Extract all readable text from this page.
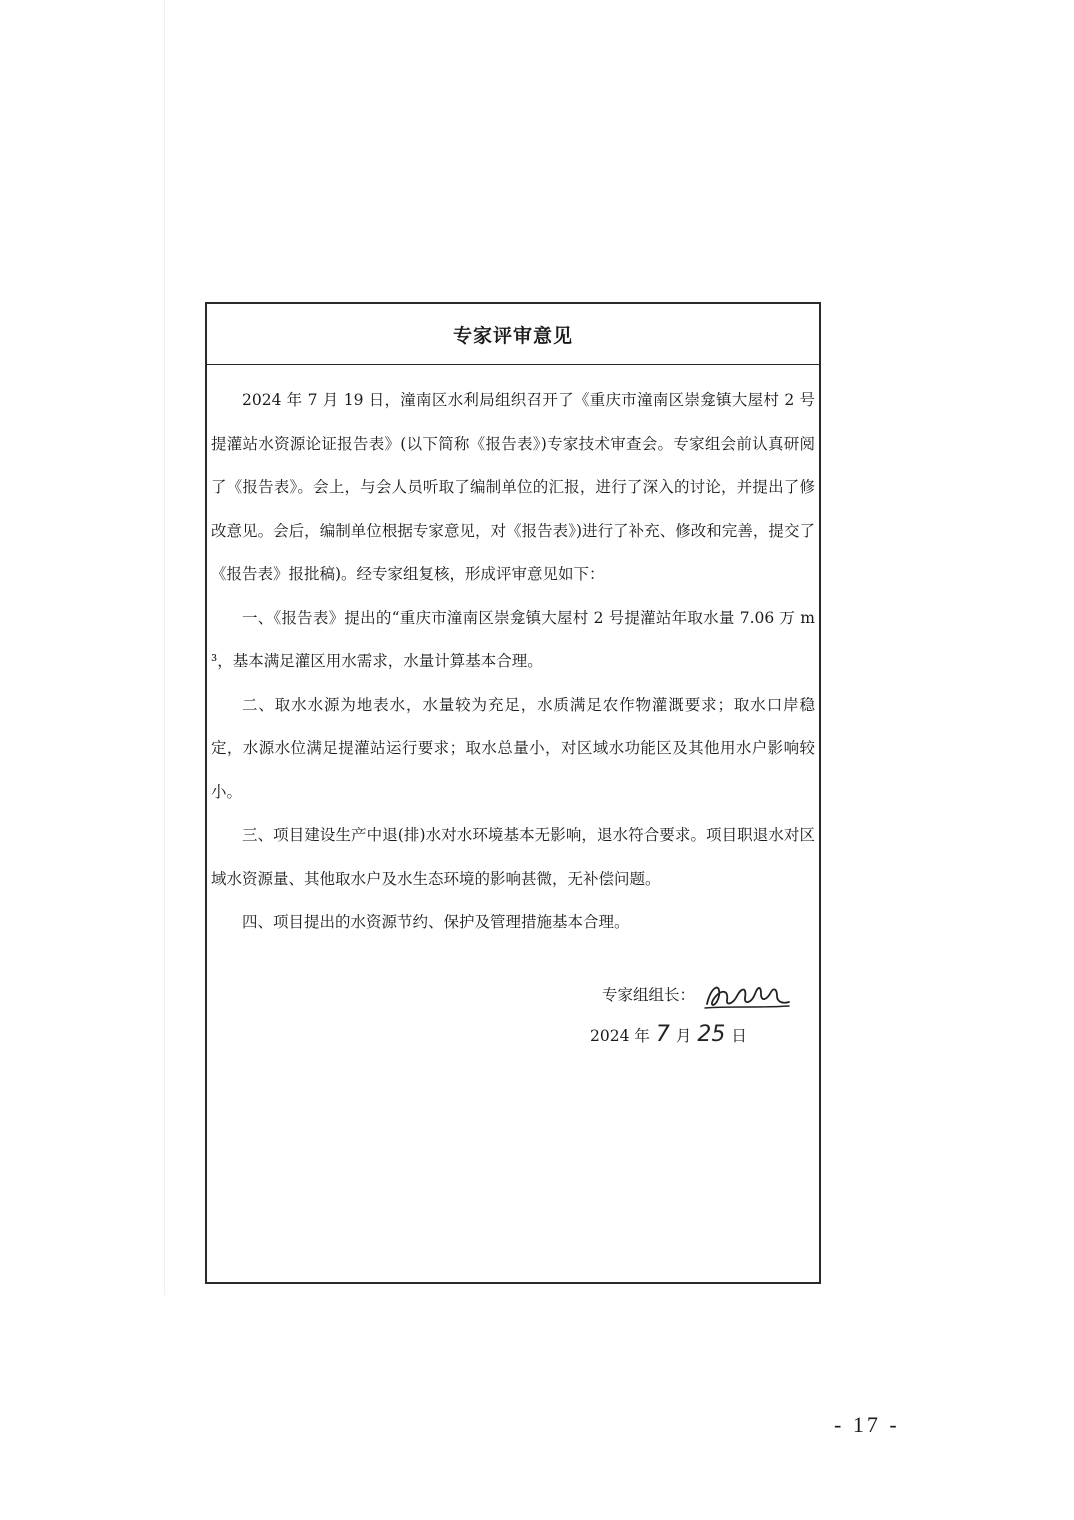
专家评审意见

2024 年 7 月 19 日，潼南区水利局组织召开了《重庆市潼南区崇龛镇大屋村 2 号提灌站水资源论证报告表》(以下简称《报告表》)专家技术审查会。专家组会前认真研阅了《报告表》。会上，与会人员听取了编制单位的汇报，进行了深入的讨论，并提出了修改意见。会后，编制单位根据专家意见，对《报告表》)进行了补充、修改和完善，提交了《报告表》报批稿)。经专家组复核，形成评审意见如下：

一、《报告表》提出的“重庆市潼南区崇龛镇大屋村 2 号提灌站年取水量 7.06 万 m³，基本满足灌区用水需求，水量计算基本合理。

二、取水水源为地表水，水量较为充足，水质满足农作物灌溉要求；取水口岸稳定，水源水位满足提灌站运行要求；取水总量小，对区域水功能区及其他用水户影响较小。

三、项目建设生产中退(排)水对水环境基本无影响，退水符合要求。项目职退水对区域水资源量、其他取水户及水生态环境的影响甚微，无补偿问题。

四、项目提出的水资源节约、保护及管理措施基本合理。

专家组组长：
2024 年 7 月 25 日
- 17 -
